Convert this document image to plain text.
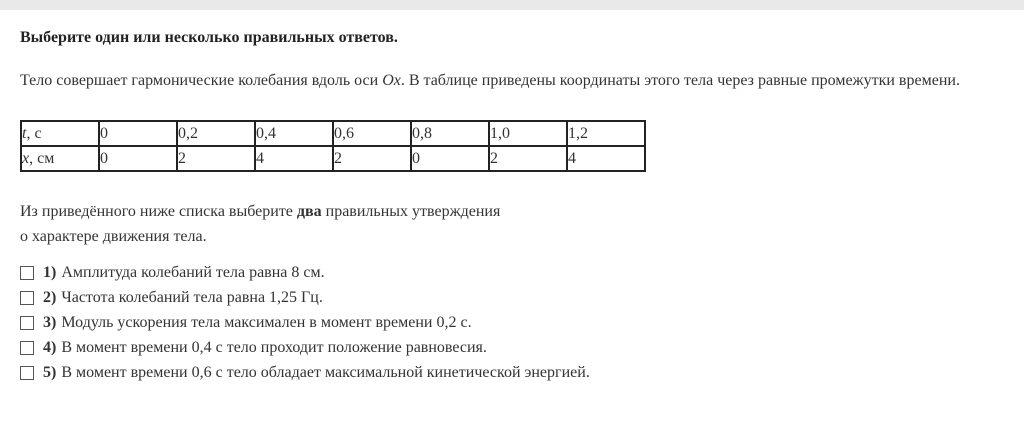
Выберите один или несколько правильных ответов.

Тело совершает гармонические колебания вдоль оси Ox. В таблице приведены координаты этого тела через равные промежутки времени.

t, с	0	0,2	0,4	0,6	0,8	1,0	1,2
x, см	0	2	4	2	0	2	4

Из приведённого ниже списка выберите два правильных утверждения
о характере движения тела.

1) Амплитуда колебаний тела равна 8 см.
2) Частота колебаний тела равна 1,25 Гц.
3) Модуль ускорения тела максимален в момент времени 0,2 с.
4) В момент времени 0,4 с тело проходит положение равновесия.
5) В момент времени 0,6 с тело обладает максимальной кинетической энергией.
